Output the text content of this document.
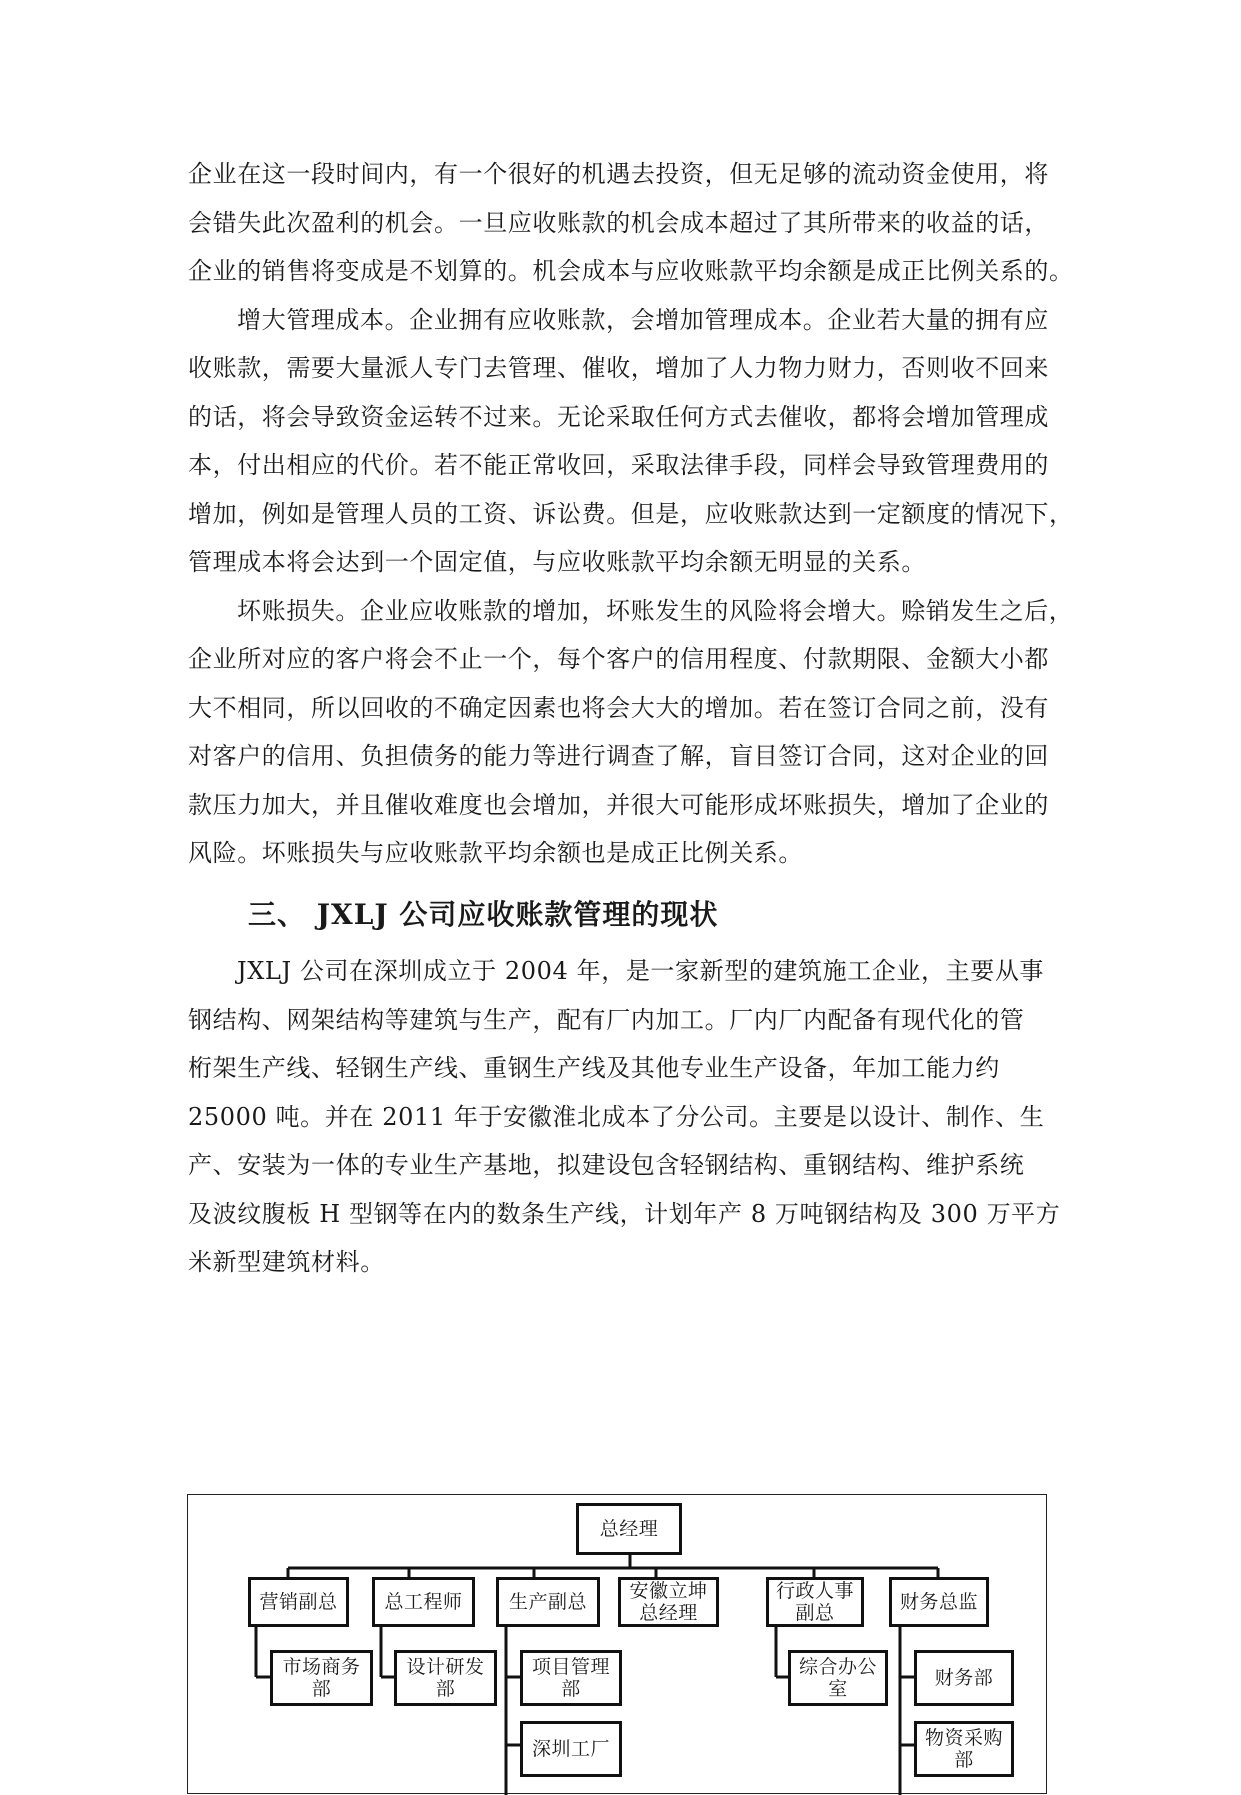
企业在这一段时间内，有一个很好的机遇去投资，但无足够的流动资金使用，将
会错失此次盈利的机会。一旦应收账款的机会成本超过了其所带来的收益的话，
企业的销售将变成是不划算的。机会成本与应收账款平均余额是成正比例关系的。
增大管理成本。企业拥有应收账款，会增加管理成本。企业若大量的拥有应
收账款，需要大量派人专门去管理、催收，增加了人力物力财力，否则收不回来
的话，将会导致资金运转不过来。无论采取任何方式去催收，都将会增加管理成
本，付出相应的代价。若不能正常收回，采取法律手段，同样会导致管理费用的
增加，例如是管理人员的工资、诉讼费。但是，应收账款达到一定额度的情况下，
管理成本将会达到一个固定值，与应收账款平均余额无明显的关系。
坏账损失。企业应收账款的增加，坏账发生的风险将会增大。赊销发生之后，
企业所对应的客户将会不止一个，每个客户的信用程度、付款期限、金额大小都
大不相同，所以回收的不确定因素也将会大大的增加。若在签订合同之前，没有
对客户的信用、负担债务的能力等进行调查了解，盲目签订合同，这对企业的回
款压力加大，并且催收难度也会增加，并很大可能形成坏账损失，增加了企业的
风险。坏账损失与应收账款平均余额也是成正比例关系。
三、 JXLJ 公司应收账款管理的现状
JXLJ 公司在深圳成立于 2004 年，是一家新型的建筑施工企业，主要从事
钢结构、网架结构等建筑与生产，配有厂内加工。厂内厂内配备有现代化的管
桁架生产线、轻钢生产线、重钢生产线及其他专业生产设备，年加工能力约
25000 吨。并在 2011 年于安徽淮北成本了分公司。主要是以设计、制作、生
产、安装为一体的专业生产基地，拟建设包含轻钢结构、重钢结构、维护系统
及波纹腹板 H 型钢等在内的数条生产线，计划年产 8 万吨钢结构及 300 万平方
米新型建筑材料。
总经理
营销副总	总工程师	生产副总	安徽立坤总经理
行政人事副总	财务总监
市场商务部
设计研发部
项目管理部
深圳工厂
综合办公室	财务部
物资采购部
